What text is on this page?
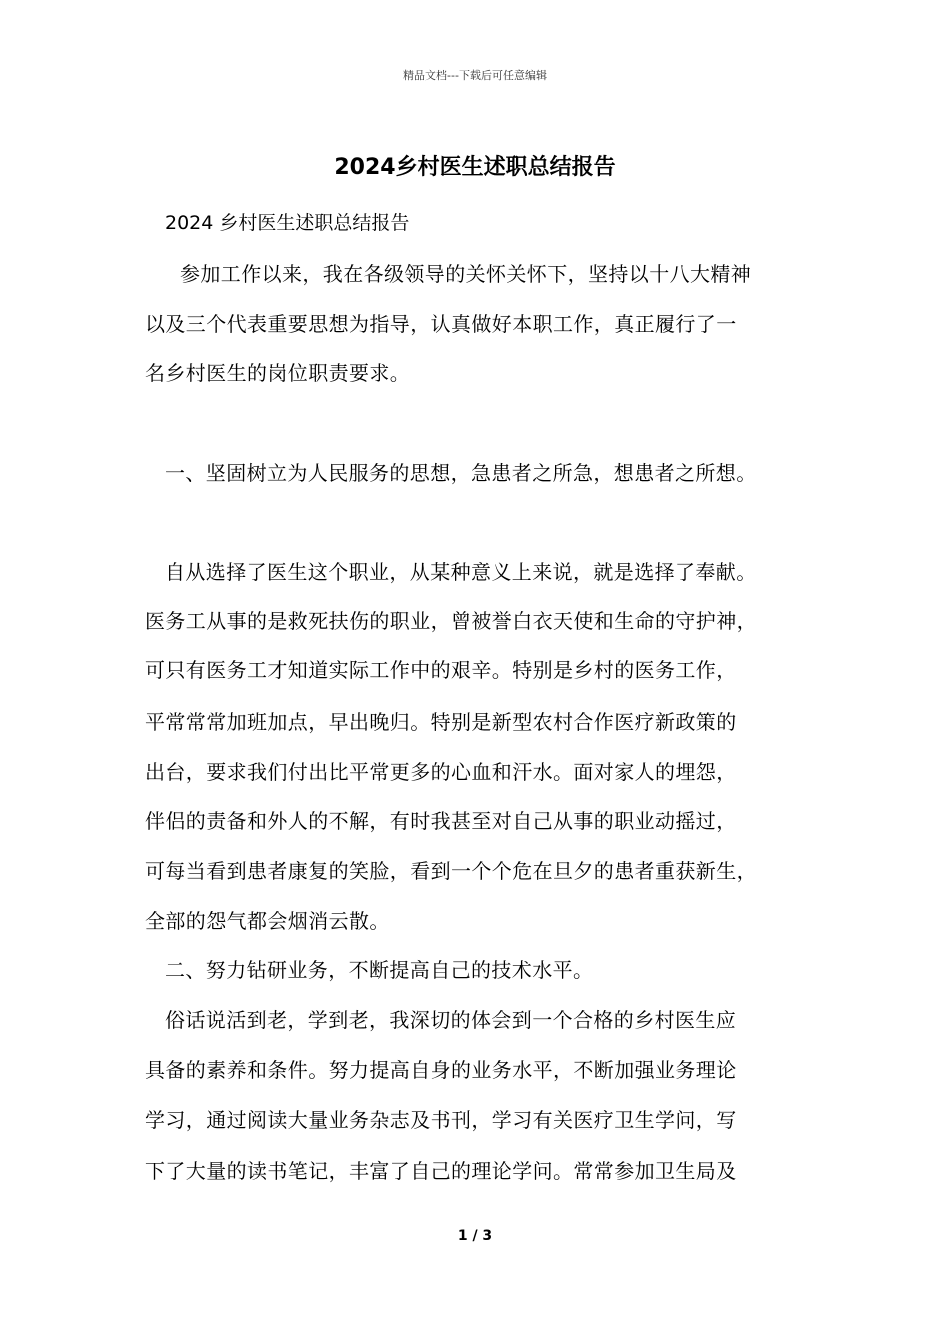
精品文档---下载后可任意编辑
2024乡村医生述职总结报告
2024 乡村医生述职总结报告
参加工作以来，我在各级领导的关怀关怀下，坚持以十八大精神
以及三个代表重要思想为指导，认真做好本职工作，真正履行了一
名乡村医生的岗位职责要求。
一、坚固树立为人民服务的思想，急患者之所急，想患者之所想。
自从选择了医生这个职业，从某种意义上来说，就是选择了奉献。
医务工从事的是救死扶伤的职业，曾被誉白衣天使和生命的守护神，
可只有医务工才知道实际工作中的艰辛。特别是乡村的医务工作，
平常常常加班加点，早出晚归。特别是新型农村合作医疗新政策的
出台，要求我们付出比平常更多的心血和汗水。面对家人的埋怨，
伴侣的责备和外人的不解，有时我甚至对自己从事的职业动摇过，
可每当看到患者康复的笑脸，看到一个个危在旦夕的患者重获新生，
全部的怨气都会烟消云散。
二、努力钻研业务，不断提高自己的技术水平。
俗话说活到老，学到老，我深切的体会到一个合格的乡村医生应
具备的素养和条件。努力提高自身的业务水平，不断加强业务理论
学习，通过阅读大量业务杂志及书刊，学习有关医疗卫生学问，写
下了大量的读书笔记，丰富了自己的理论学问。常常参加卫生局及
1 / 3
